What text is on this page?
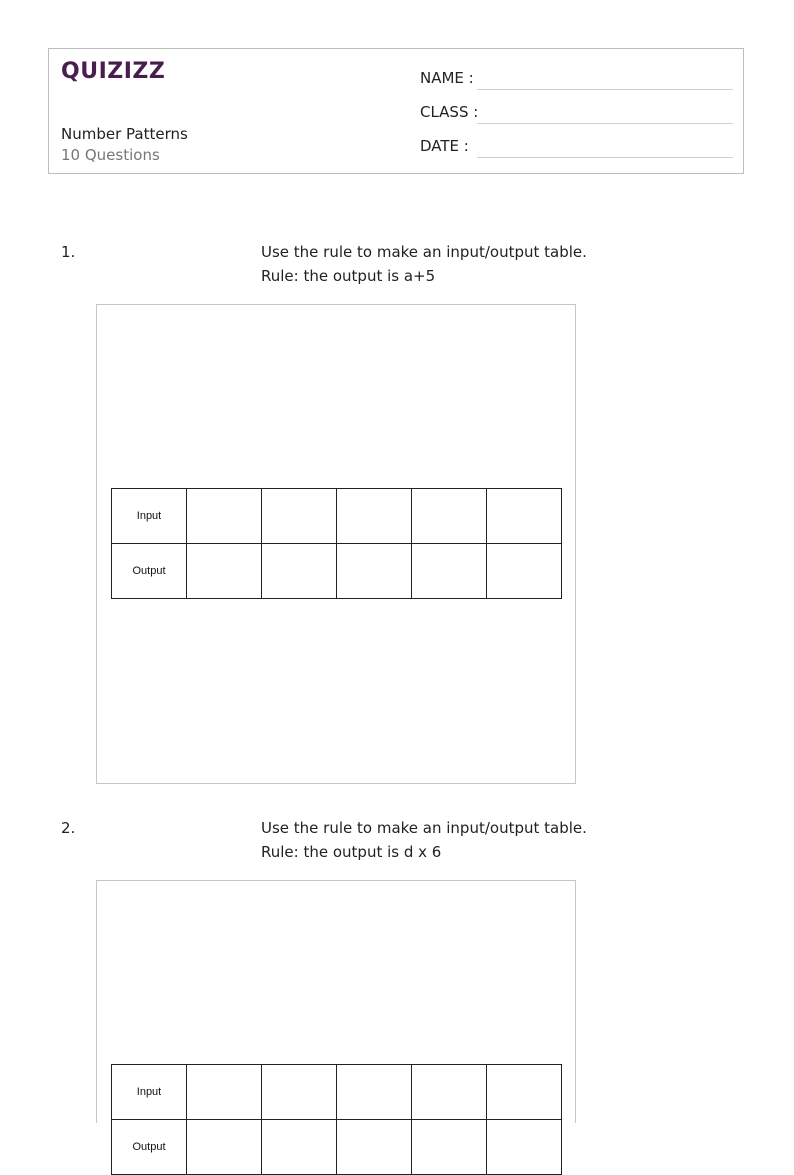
QUIZIZZ
Number Patterns
10 Questions
NAME :
CLASS :
DATE :
1.	Use the rule to make an input/output table.
Rule: the output is a+5
Input					
Output					
2.	Use the rule to make an input/output table.
Rule: the output is d x 6
Input					
Output					
